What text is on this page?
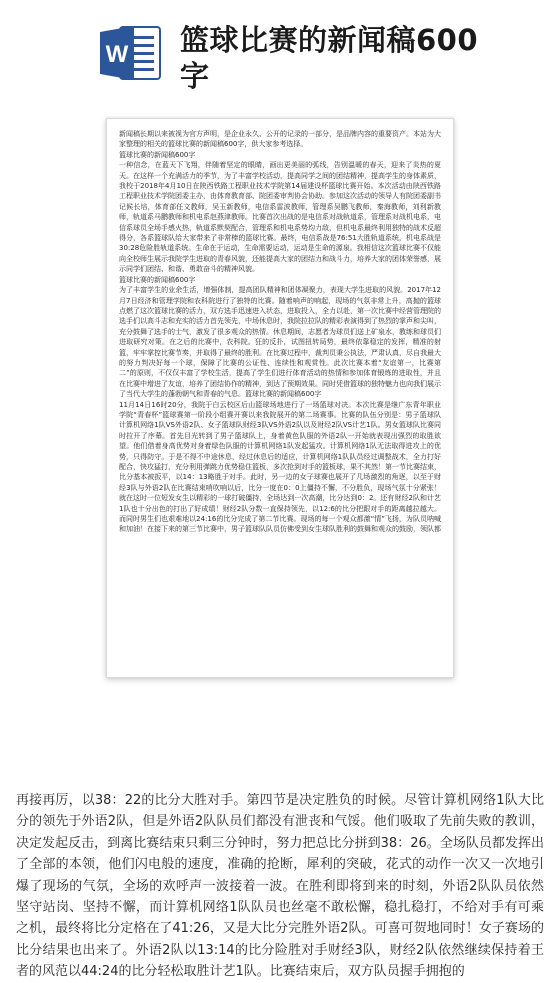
W 篮球比赛的新闻稿600字

新闻稿长期以来被视为官方声明，是企业永久、公开的记录的一部分，是品牌内容的重要资产。本站为大家整理的相关的篮球比赛的新闻稿600字，供大家参考选择。

篮球比赛的新闻稿600字

一种信念，在蓝天下飞翔，伴随着坚定的眼睛，画出更美丽的弧线，告别温暖的春天，迎来了炎热的夏天。在这样一个充满活力的季节，为了丰富学校活动，提高同学之间的团结精神，提高学生的身体素质，我校于2018年4月10日在陕西铁路工程职业技术学院第14届建设杯篮球比赛开始。本次活动由陕西铁路工程职业技术学院团委主办，由体育教育部、院团委审判协会协助。参加这次活动的领导人有院团委副书记候长培，体育部任文教师，吴玉新教师，电信系雷波教师，管理系吴鹏飞教师，秦海教师，刘利新教师，轨道系马鹏教师和机电系赵燕津教师。比赛首次出战的是电信系对战轨道系，管理系对战机电系，电信系球员全场手感火热，轨道系默契配合，管理系和机电系势均力敌，但机电系最终利用独特的战术反超得分，各系篮球队给大家带来了非常棒的篮球比赛。最终，电信系战是76:51大胜轨道系统，机电系战是30:28危险胜轨道系统。生命在于运动，生命需要运动，运动是生命的源泉。我相信这次篮球比赛不仅能向全校师生展示我院学生进取的青春风貌，还能提高大家的团结力和战斗力，培养大家的团体荣誉感，展示同学们团结、和谐、勇敢奋斗的精神风貌。

篮球比赛的新闻稿600字

为了丰富学生的业余生活，增强体制，提高团队精神和团体凝聚力，表现大学生进取的风貌。2017年12月7日经济和管理学院和农科院进行了独特的比赛。随着响声的响起，现场的气氛非常上升，高抛的篮球点燃了这次篮球比赛的活力，双方选手迅速进入状态，进取投入，全力以赴，第一次比赛中经营管理院的选手们以高斗志和充实的活力首先领先，中场休息时，我院拉拉队的精彩表演得到了热烈的掌声和尖叫，充分鼓舞了选手的士气，激发了很多观众的热情。休息期间，志愿者为球员们送上矿泉水，教练和球员们进取研究对策。在之后的比赛中，农科院。狂的反扑，试图扭转局势，最终依靠稳定的发挥，精准的射篮，牢牢掌控比赛节奏，并取得了最终的胜利。在比赛过程中，裁判员秉公执法，严肃认真，尽自我最大的努力判决好每一个球，保障了比赛的公证性、连续性和观赏性。此次比赛本着“友谊第一，比赛第二”的原则，不仅仅丰富了学校生活，提高了学生们进行体育活动的热情和参加体育锻炼的进取性，并且在比赛中增进了友谊，培养了团结协作的精神，到达了预期效果。同时凭借篮球的独特魅力也向我们展示了当代大学生的蓬勃朝气和青春的气息。篮球比赛的新闻稿600字

11月14日16时20分，我院于白云校区后山篮球场地进行了一场篮球对决。本次比赛是继广东青年职业学院“青春杯”篮球赛第一阶段小组赛开赛以来我院展开的第二场赛事。比赛的队伍分别是：男子篮球队计算机网络1队VS外语2队、女子篮球队财经3队VS外语2队以及财经2队VS计艺1队。男女篮球队比赛同时拉开了序幕。首先目光转到了男子篮球队上，身着黄色队服的外语2队一开始就表现出强烈的取胜欲望。他们借着身高优势对身着绿色队服的计算机网络1队发起猛攻。计算机网络1队无法取得进攻上的优势，只得防守。于是不得不中途休息，经过休息后的适应，计算机网络1队队员经过调整战术，全力打好配合，快攻猛打，充分利用弹跳力优势稳住篮板，多次抢到对手的篮板球，果不其然！第一节比赛结束，比分基本被扳平，以14：13略胜于对手。此时，另一边的女子球赛也展开了几场激烈的角逐，以至于财经3队与外语2队在比赛结束哨吹响以后，比分一度在0：0上僵持不懈，不分胜负，现场气氛十分紧张！就在这时一位短发女生以精彩的一球打破僵持，全场达到一次高潮，比分达到0：2。还有财经2队和计艺1队也十分出色的打出了好成绩！财经2队分数一直保持领先，以12:6的比分把跟对手的距离越拉越大。而同时男生们也艰难地以24:16的比分完成了第二节比赛。现场的每一个观众都激“情”飞扬，为队员呐喊和加油！在接下来的第三节比赛中，男子篮球队队员仿佛受到女生球队胜利的鼓舞和观众的鼓励，领队都

再接再厉，以38：22的比分大胜对手。第四节是决定胜负的时候。尽管计算机网络1队大比分的领先于外语2队，但是外语2队队员们都没有泄丧和气馁。他们吸取了先前失败的教训，决定发起反击，到离比赛结束只剩三分钟时，努力把总比分拼到38：26。全场队员都发挥出了全部的本领，他们闪电般的速度，准确的抢断，犀利的突破，花式的动作一次又一次地引爆了现场的气氛，全场的欢呼声一波接着一波。在胜利即将到来的时刻，外语2队队员依然坚守站岗、坚持不懈，而计算机网络1队队员也丝毫不敢松懈，稳扎稳打，不给对手有可乘之机，最终将比分定格在了41:26，又是大比分完胜外语2队。可喜可贺地同时！女子赛场的比分结果也出来了。外语2队以13:14的比分险胜对手财经3队，财经2队依然继续保持着王者的风范以44:24的比分轻松取胜计艺1队。比赛结束后，双方队员握手拥抱的
